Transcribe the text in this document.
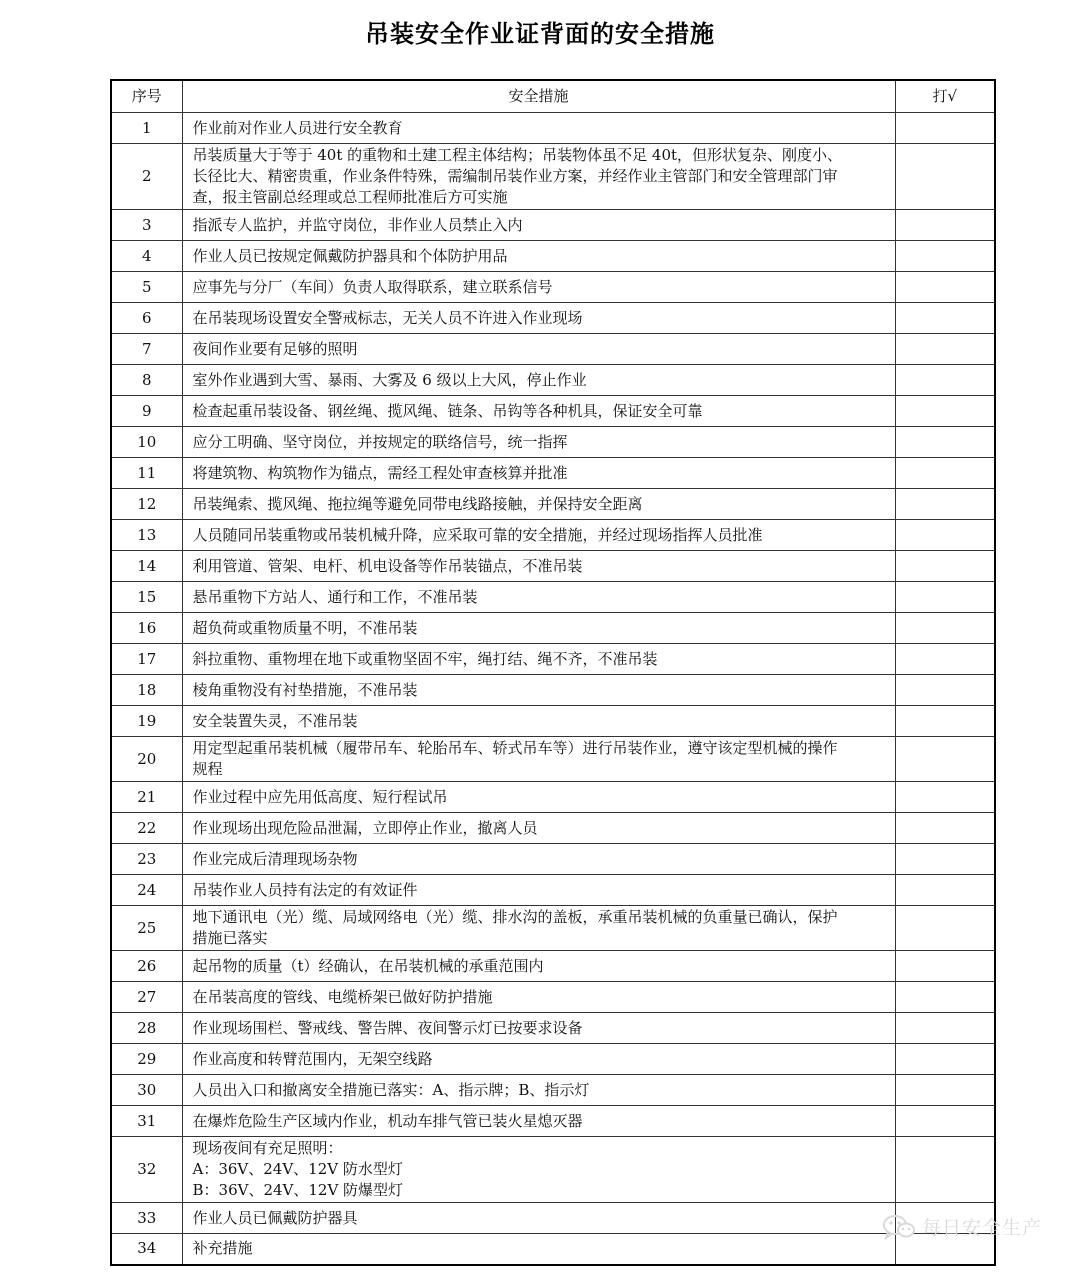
吊装安全作业证背面的安全措施
序号	安全措施	打√
1	作业前对作业人员进行安全教育	

2	吊装质量大于等于 40t 的重物和土建工程主体结构；吊装物体虽不足 40t，但形状复杂、刚度小、
长径比大、精密贵重，作业条件特殊，需编制吊装作业方案，并经作业主管部门和安全管理部门审
查，报主管副总经理或总工程师批准后方可实施	

3	指派专人监护，并监守岗位，非作业人员禁止入内	

4	作业人员已按规定佩戴防护器具和个体防护用品	

5	应事先与分厂（车间）负责人取得联系，建立联系信号	

6	在吊装现场设置安全警戒标志，无关人员不许进入作业现场	

7	夜间作业要有足够的照明	

8	室外作业遇到大雪、暴雨、大雾及 6 级以上大风，停止作业	

9	检查起重吊装设备、钢丝绳、揽风绳、链条、吊钩等各种机具，保证安全可靠	

10	应分工明确、坚守岗位，并按规定的联络信号，统一指挥	

11	将建筑物、构筑物作为锚点，需经工程处审查核算并批准	

12	吊装绳索、揽风绳、拖拉绳等避免同带电线路接触，并保持安全距离	

13	人员随同吊装重物或吊装机械升降，应采取可靠的安全措施，并经过现场指挥人员批准	

14	利用管道、管架、电杆、机电设备等作吊装锚点，不准吊装	

15	悬吊重物下方站人、通行和工作，不准吊装	

16	超负荷或重物质量不明，不准吊装	

17	斜拉重物、重物埋在地下或重物坚固不牢，绳打结、绳不齐，不准吊装	

18	棱角重物没有衬垫措施，不准吊装	

19	安全装置失灵，不准吊装	

20	用定型起重吊装机械（履带吊车、轮胎吊车、轿式吊车等）进行吊装作业，遵守该定型机械的操作
规程	

21	作业过程中应先用低高度、短行程试吊	

22	作业现场出现危险品泄漏，立即停止作业，撤离人员	

23	作业完成后清理现场杂物	

24	吊装作业人员持有法定的有效证件	

25	地下通讯电（光）缆、局域网络电（光）缆、排水沟的盖板，承重吊装机械的负重量已确认，保护
措施已落实	

26	起吊物的质量（t）经确认，在吊装机械的承重范围内	

27	在吊装高度的管线、电缆桥架已做好防护措施	

28	作业现场围栏、警戒线、警告牌、夜间警示灯已按要求设备	

29	作业高度和转臂范围内，无架空线路	

30	人员出入口和撤离安全措施已落实：A、指示牌；B、指示灯	

31	在爆炸危险生产区域内作业，机动车排气管已装火星熄灭器	

32	现场夜间有充足照明：
A：36V、24V、12V 防水型灯
B：36V、24V、12V 防爆型灯	

33	作业人员已佩戴防护器具	

34	补充措施	

每日安全生产
